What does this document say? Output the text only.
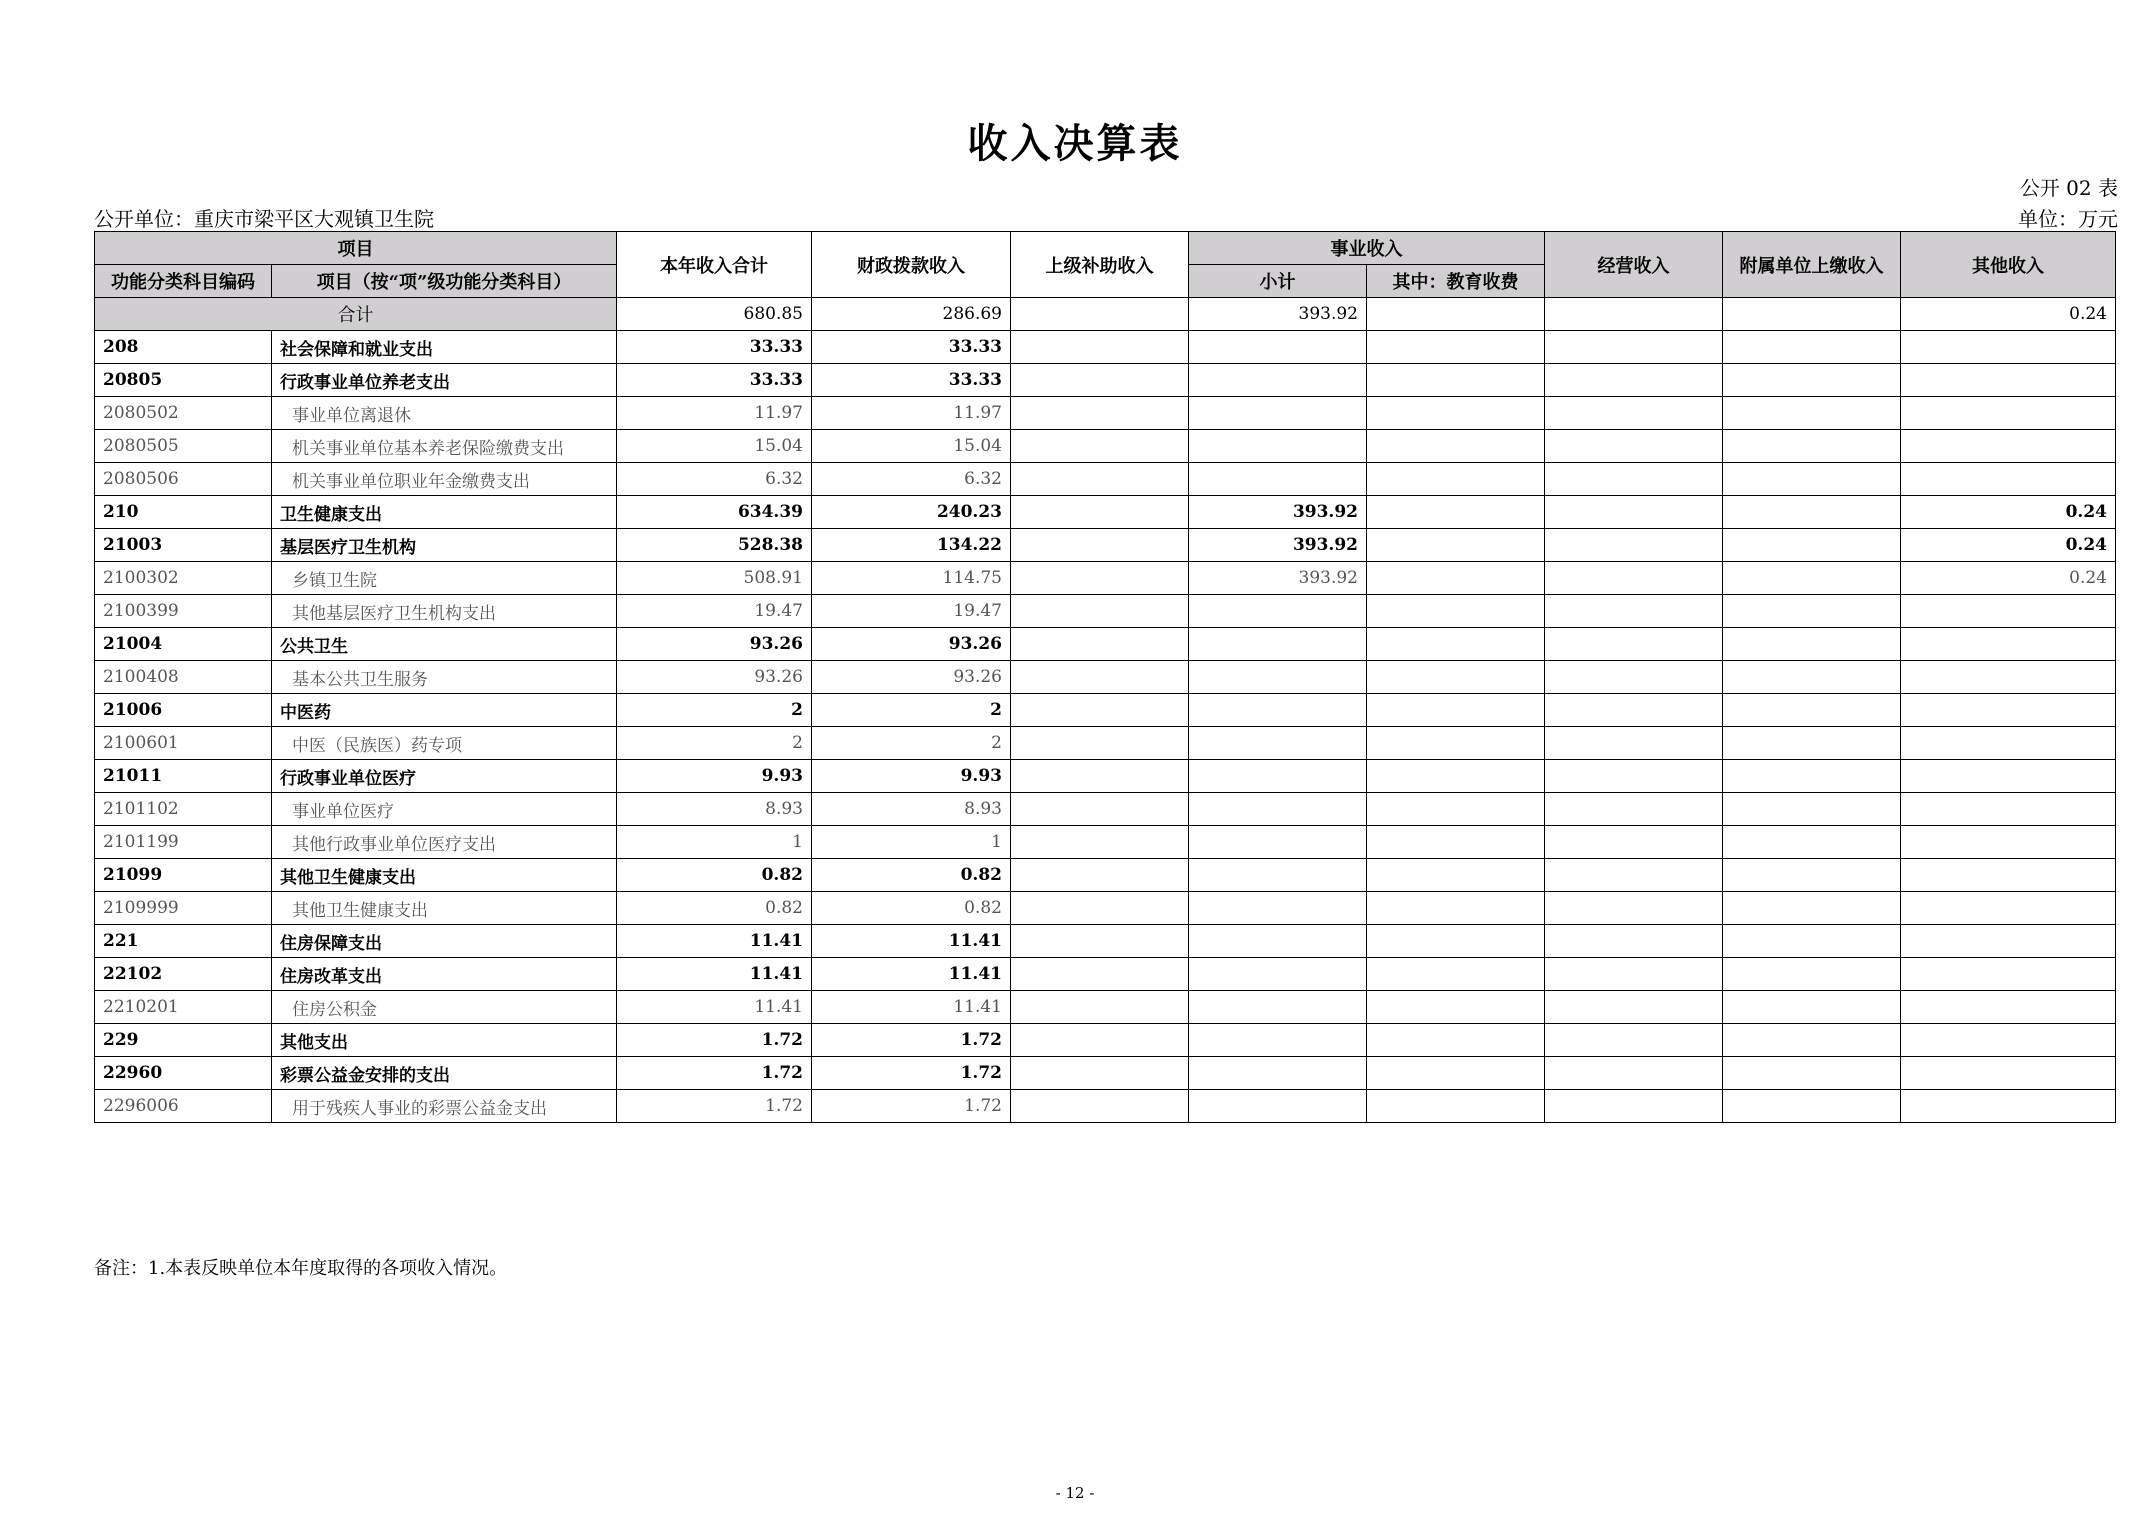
收入决算表
公开 02 表
公开单位：重庆市梁平区大观镇卫生院	单位：万元
项目		本年收入合计	财政拨款收入	上级补助收入	事业收入		经营收入	附属单位上缴收入	其他收入
功能分类科目编码	项目（按“项”级功能分类科目）				小计	其中：教育收费			
合计		680.85	286.69		393.92				0.24
208	社会保障和就业支出	33.33	33.33						
20805	行政事业单位养老支出	33.33	33.33						
2080502	事业单位离退休	11.97	11.97						
2080505	机关事业单位基本养老保险缴费支出	15.04	15.04						
2080506	机关事业单位职业年金缴费支出	6.32	6.32						
210	卫生健康支出	634.39	240.23		393.92				0.24
21003	基层医疗卫生机构	528.38	134.22		393.92				0.24
2100302	乡镇卫生院	508.91	114.75		393.92				0.24
2100399	其他基层医疗卫生机构支出	19.47	19.47						
21004	公共卫生	93.26	93.26						
2100408	基本公共卫生服务	93.26	93.26						
21006	中医药	2	2						
2100601	中医（民族医）药专项	2	2						
21011	行政事业单位医疗	9.93	9.93						
2101102	事业单位医疗	8.93	8.93						
2101199	其他行政事业单位医疗支出	1	1						
21099	其他卫生健康支出	0.82	0.82						
2109999	其他卫生健康支出	0.82	0.82						
221	住房保障支出	11.41	11.41						
22102	住房改革支出	11.41	11.41						
2210201	住房公积金	11.41	11.41						
229	其他支出	1.72	1.72						
22960	彩票公益金安排的支出	1.72	1.72						
2296006	用于残疾人事业的彩票公益金支出	1.72	1.72						
备注：1.本表反映单位本年度取得的各项收入情况。
- 12 -
